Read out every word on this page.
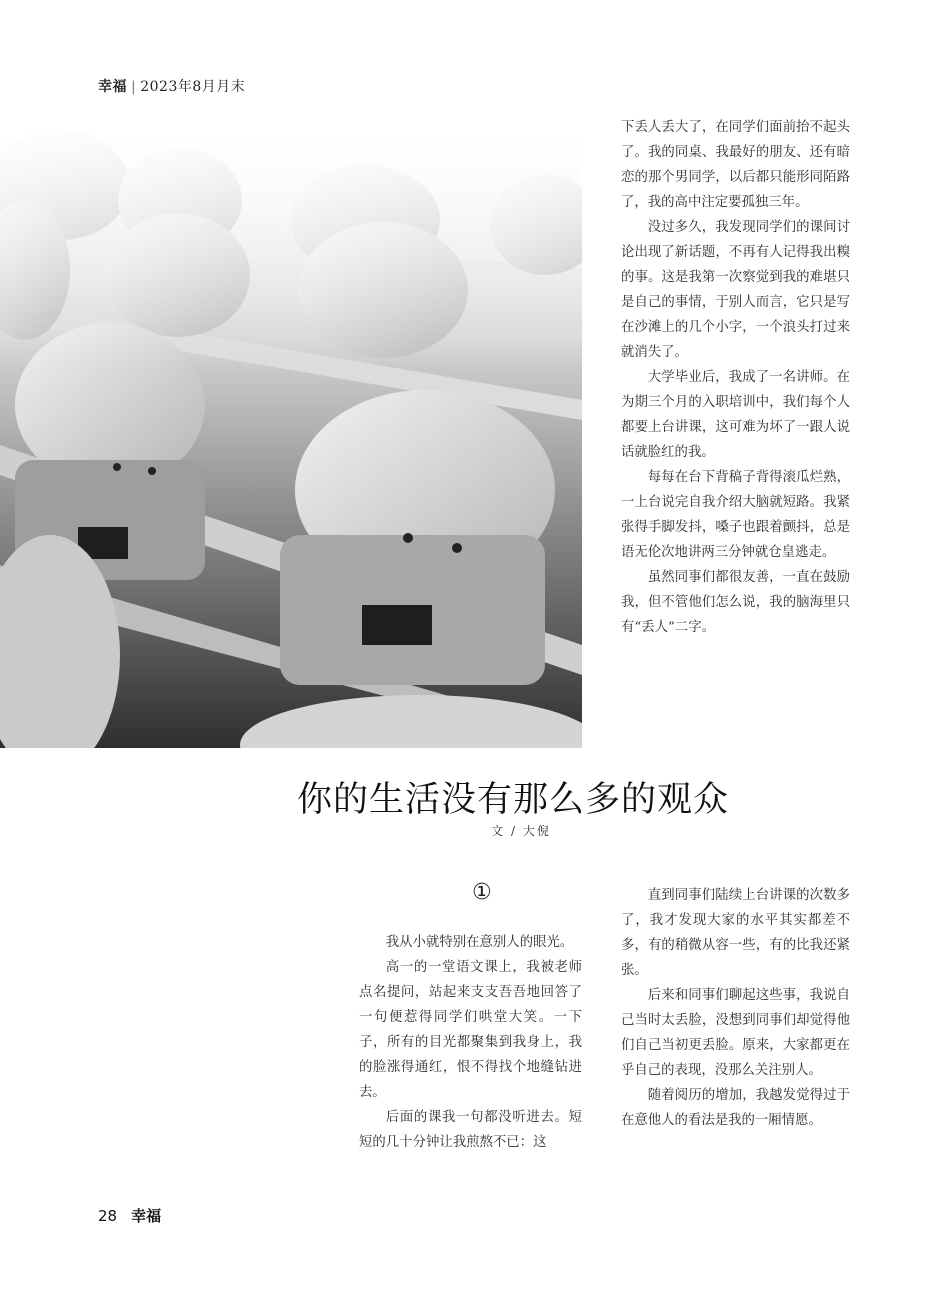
幸福 | 2023年8月月末

下丢人丢大了，在同学们面前抬不起头了。我的同桌、我最好的朋友、还有暗恋的那个男同学，以后都只能形同陌路了，我的高中注定要孤独三年。

没过多久，我发现同学们的课间讨论出现了新话题，不再有人记得我出糗的事。这是我第一次察觉到我的难堪只是自己的事情，于别人而言，它只是写在沙滩上的几个小字，一个浪头打过来就消失了。

大学毕业后，我成了一名讲师。在为期三个月的入职培训中，我们每个人都要上台讲课，这可难为坏了一跟人说话就脸红的我。

每每在台下背稿子背得滚瓜烂熟，一上台说完自我介绍大脑就短路。我紧张得手脚发抖，嗓子也跟着颤抖，总是语无伦次地讲两三分钟就仓皇逃走。

虽然同事们都很友善，一直在鼓励我，但不管他们怎么说，我的脑海里只有“丢人”二字。

你的生活没有那么多的观众
文 / 大倪
①

我从小就特别在意别人的眼光。

高一的一堂语文课上，我被老师点名提问，站起来支支吾吾地回答了一句便惹得同学们哄堂大笑。一下子，所有的目光都聚集到我身上，我的脸涨得通红，恨不得找个地缝钻进去。

后面的课我一句都没听进去。短短的几十分钟让我煎熬不已：这

直到同事们陆续上台讲课的次数多了，我才发现大家的水平其实都差不多，有的稍微从容一些，有的比我还紧张。

后来和同事们聊起这些事，我说自己当时太丢脸，没想到同事们却觉得他们自己当初更丢脸。原来，大家都更在乎自己的表现，没那么关注别人。

随着阅历的增加，我越发觉得过于在意他人的看法是我的一厢情愿。

28 幸福
